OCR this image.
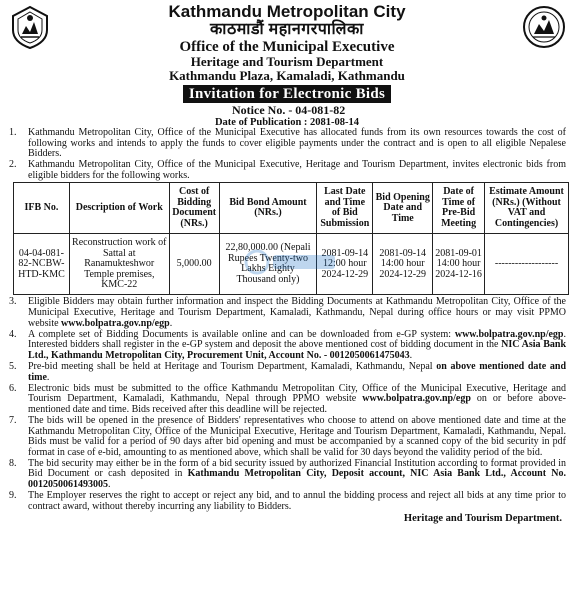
Kathmandu Metropolitan City
काठमाडौं महानगरपालिका
Office of the Municipal Executive
Heritage and Tourism Department
Kathmandu Plaza, Kamaladi, Kathmandu
Invitation for Electronic Bids
Notice No. - 04-081-82
Date of Publication : 2081-08-14
1.	Kathmandu Metropolitan City, Office of the Municipal Executive has allocated funds from its own resources towards the cost of following works and intends to apply the funds to cover eligible payments under the contract and is open to all eligible Nepalese Bidders.
2.	Kathmandu Metropolitan City, Office of the Municipal Executive, Heritage and Tourism Department, invites electronic bids from eligible bidders for the following works.
IFB No.	Description of Work	Cost of Bidding Document (NRs.)	Bid Bond Amount (NRs.)	Last Date and Time of Bid Submission	Bid Opening Date and Time	Date of Time of Pre-Bid Meeting	Estimate Amount (NRs.) (Without VAT and Contingencies)
04-04-081-82-NCBW-HTD-KMC	Reconstruction work of Sattal at Ranamukteshwor Temple premises, KMC-22	5,000.00	22,80,000.00 (Nepali Rupees Twenty-two Lakhs Eighty Thousand only)	2081-09-14 12:00 hour 2024-12-29	2081-09-14 14:00 hour 2024-12-29	2081-09-01 14:00 hour 2024-12-16	-------------------
3.	Eligible Bidders may obtain further information and inspect the Bidding Documents at Kathmandu Metropolitan City, Office of the Municipal Executive, Heritage and Tourism Department, Kamaladi, Kathmandu, Nepal during office hours or may visit PPMO website www.bolpatra.gov.np/egp.
4.	A complete set of Bidding Documents is available online and can be downloaded from e-GP system: www.bolpatra.gov.np/egp. Interested bidders shall register in the e-GP system and deposit the above mentioned cost of bidding document in the NIC Asia Bank Ltd., Kathmandu Metropolitan City, Procurement Unit, Account No. - 0012050061475043.
5.	Pre-bid meeting shall be held at Heritage and Tourism Department, Kamaladi, Kathmandu, Nepal on above mentioned date and time.
6.	Electronic bids must be submitted to the office Kathmandu Metropolitan City, Office of the Municipal Executive, Heritage and Tourism Department, Kamaladi, Kathmandu, Nepal through PPMO website www.bolpatra.gov.np/egp on or before above-mentioned date and time. Bids received after this deadline will be rejected.
7.	The bids will be opened in the presence of Bidders' representatives who choose to attend on above mentioned date and time at the Kathmandu Metropolitan City, Office of the Municipal Executive, Heritage and Tourism Department, Kamaladi, Kathmandu, Nepal. Bids must be valid for a period of 90 days after bid opening and must be accompanied by a scanned copy of the bid security in pdf format in case of e-bid, amounting to as mentioned above, which shall be valid for 30 days beyond the validity period of the bid.
8.	The bid security may either be in the form of a bid security issued by authorized Financial Institution according to format provided in Bid Document or cash deposited in Kathmandu Metropolitan City, Deposit account, NIC Asia Bank Ltd., Account No. 0012050061493005.
9.	The Employer reserves the right to accept or reject any bid, and to annul the bidding process and reject all bids at any time prior to contract award, without thereby incurring any liability to Bidders.
Heritage and Tourism Department.
